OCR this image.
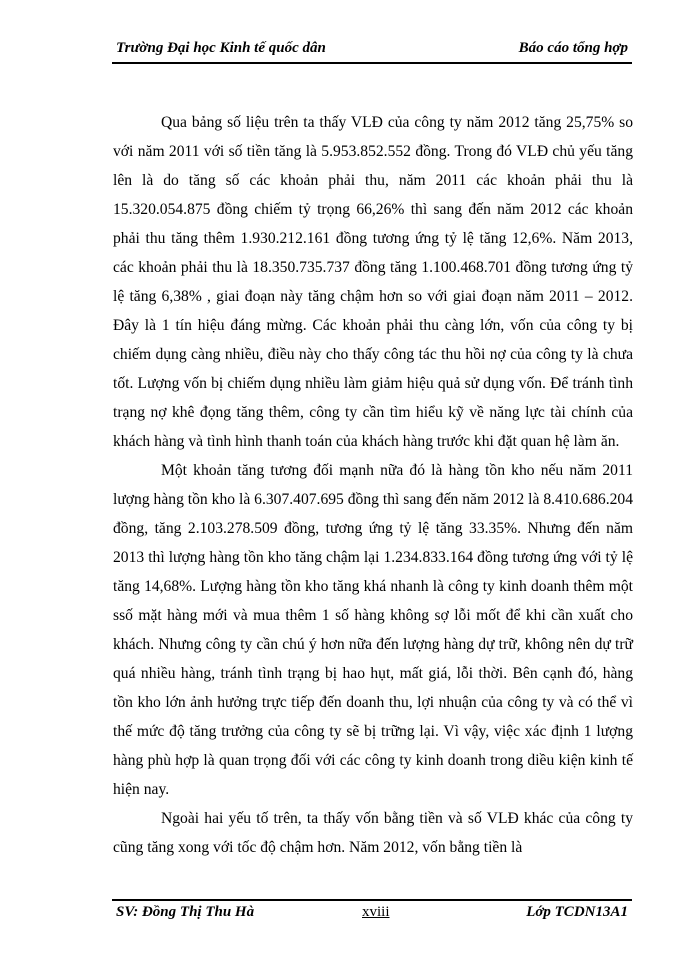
Trường Đại học Kinh tế quốc dân	Báo cáo tổng hợp

Qua bảng số liệu trên ta thấy VLĐ của công ty năm 2012 tăng 25,75% so với năm 2011 với số tiền tăng là 5.953.852.552 đồng. Trong đó VLĐ chủ yếu tăng lên là do tăng số các khoản phải thu, năm 2011 các khoản phải thu là 15.320.054.875 đồng chiếm tỷ trọng 66,26% thì sang đến năm 2012 các khoản phải thu tăng thêm 1.930.212.161 đồng tương ứng tỷ lệ tăng 12,6%. Năm 2013, các khoản phải thu là 18.350.735.737 đồng tăng 1.100.468.701 đồng tương ứng tỷ lệ tăng 6,38% , giai đoạn này tăng chậm hơn so với giai đoạn năm 2011 – 2012. Đây là 1 tín hiệu đáng mừng. Các khoản phải thu càng lớn, vốn của công ty bị chiếm dụng càng nhiều, điều này cho thấy công tác thu hồi nợ của công ty là chưa tốt. Lượng vốn bị chiếm dụng nhiều làm giảm hiệu quả sử dụng vốn. Để tránh tình trạng nợ khê đọng tăng thêm, công ty cần tìm hiểu kỹ về năng lực tài chính của khách hàng và tình hình thanh toán của khách hàng trước khi đặt quan hệ làm ăn.

Một khoản tăng tương đối mạnh nữa đó là hàng tồn kho nếu năm 2011 lượng hàng tồn kho là 6.307.407.695 đồng thì sang đến năm 2012 là 8.410.686.204 đồng, tăng 2.103.278.509 đồng, tương ứng tỷ lệ tăng 33.35%. Nhưng đến năm 2013 thì lượng hàng tồn kho tăng chậm lại 1.234.833.164 đồng tương ứng với tỷ lệ tăng 14,68%. Lượng hàng tồn kho tăng khá nhanh là công ty kinh doanh thêm một ssố mặt hàng mới và mua thêm 1 số hàng không sợ lỗi mốt để khi cần xuất cho khách. Nhưng công ty cần chú ý hơn nữa đến lượng hàng dự trữ, không nên dự trữ quá nhiều hàng, tránh tình trạng bị hao hụt, mất giá, lỗi thời. Bên cạnh đó, hàng tồn kho lớn ảnh hưởng trực tiếp đến doanh thu, lợi nhuận của công ty và có thể vì thế mức độ tăng trưởng của công ty sẽ bị trững lại. Vì vậy, việc xác định 1 lượng hàng phù hợp là quan trọng đối với các công ty kinh doanh trong diều kiện kinh tế hiện nay.

Ngoài hai yếu tố trên, ta thấy vốn bằng tiền và số VLĐ khác của công ty cũng tăng xong với tốc độ chậm hơn. Năm 2012, vốn bằng tiền là

SV: Đồng Thị Thu Hà	xviii	Lớp TCDN13A1
